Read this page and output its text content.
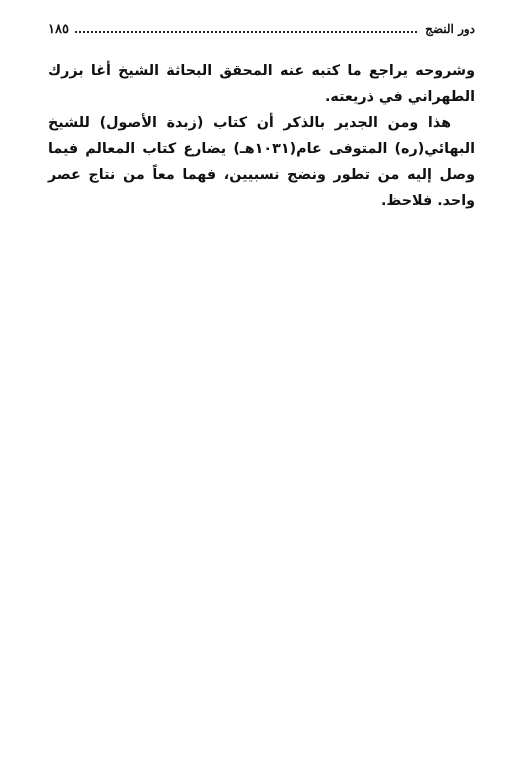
دور النضج
١٨٥

وشروحه يراجع ما كتبه عنه المحقق البحاثة الشيخ أغا بزرك الطهراني في ذريعته.

هذا ومن الجدير بالذكر أن كتاب (زبدة الأصول) للشيخ البهائي(ره) المتوفى عام(١٠٣١هـ) يضارع كتاب المعالم فيما وصل إليه من تطور ونضج نسبيين، فهما معاً من نتاج عصر واحد. فلاحظ.
